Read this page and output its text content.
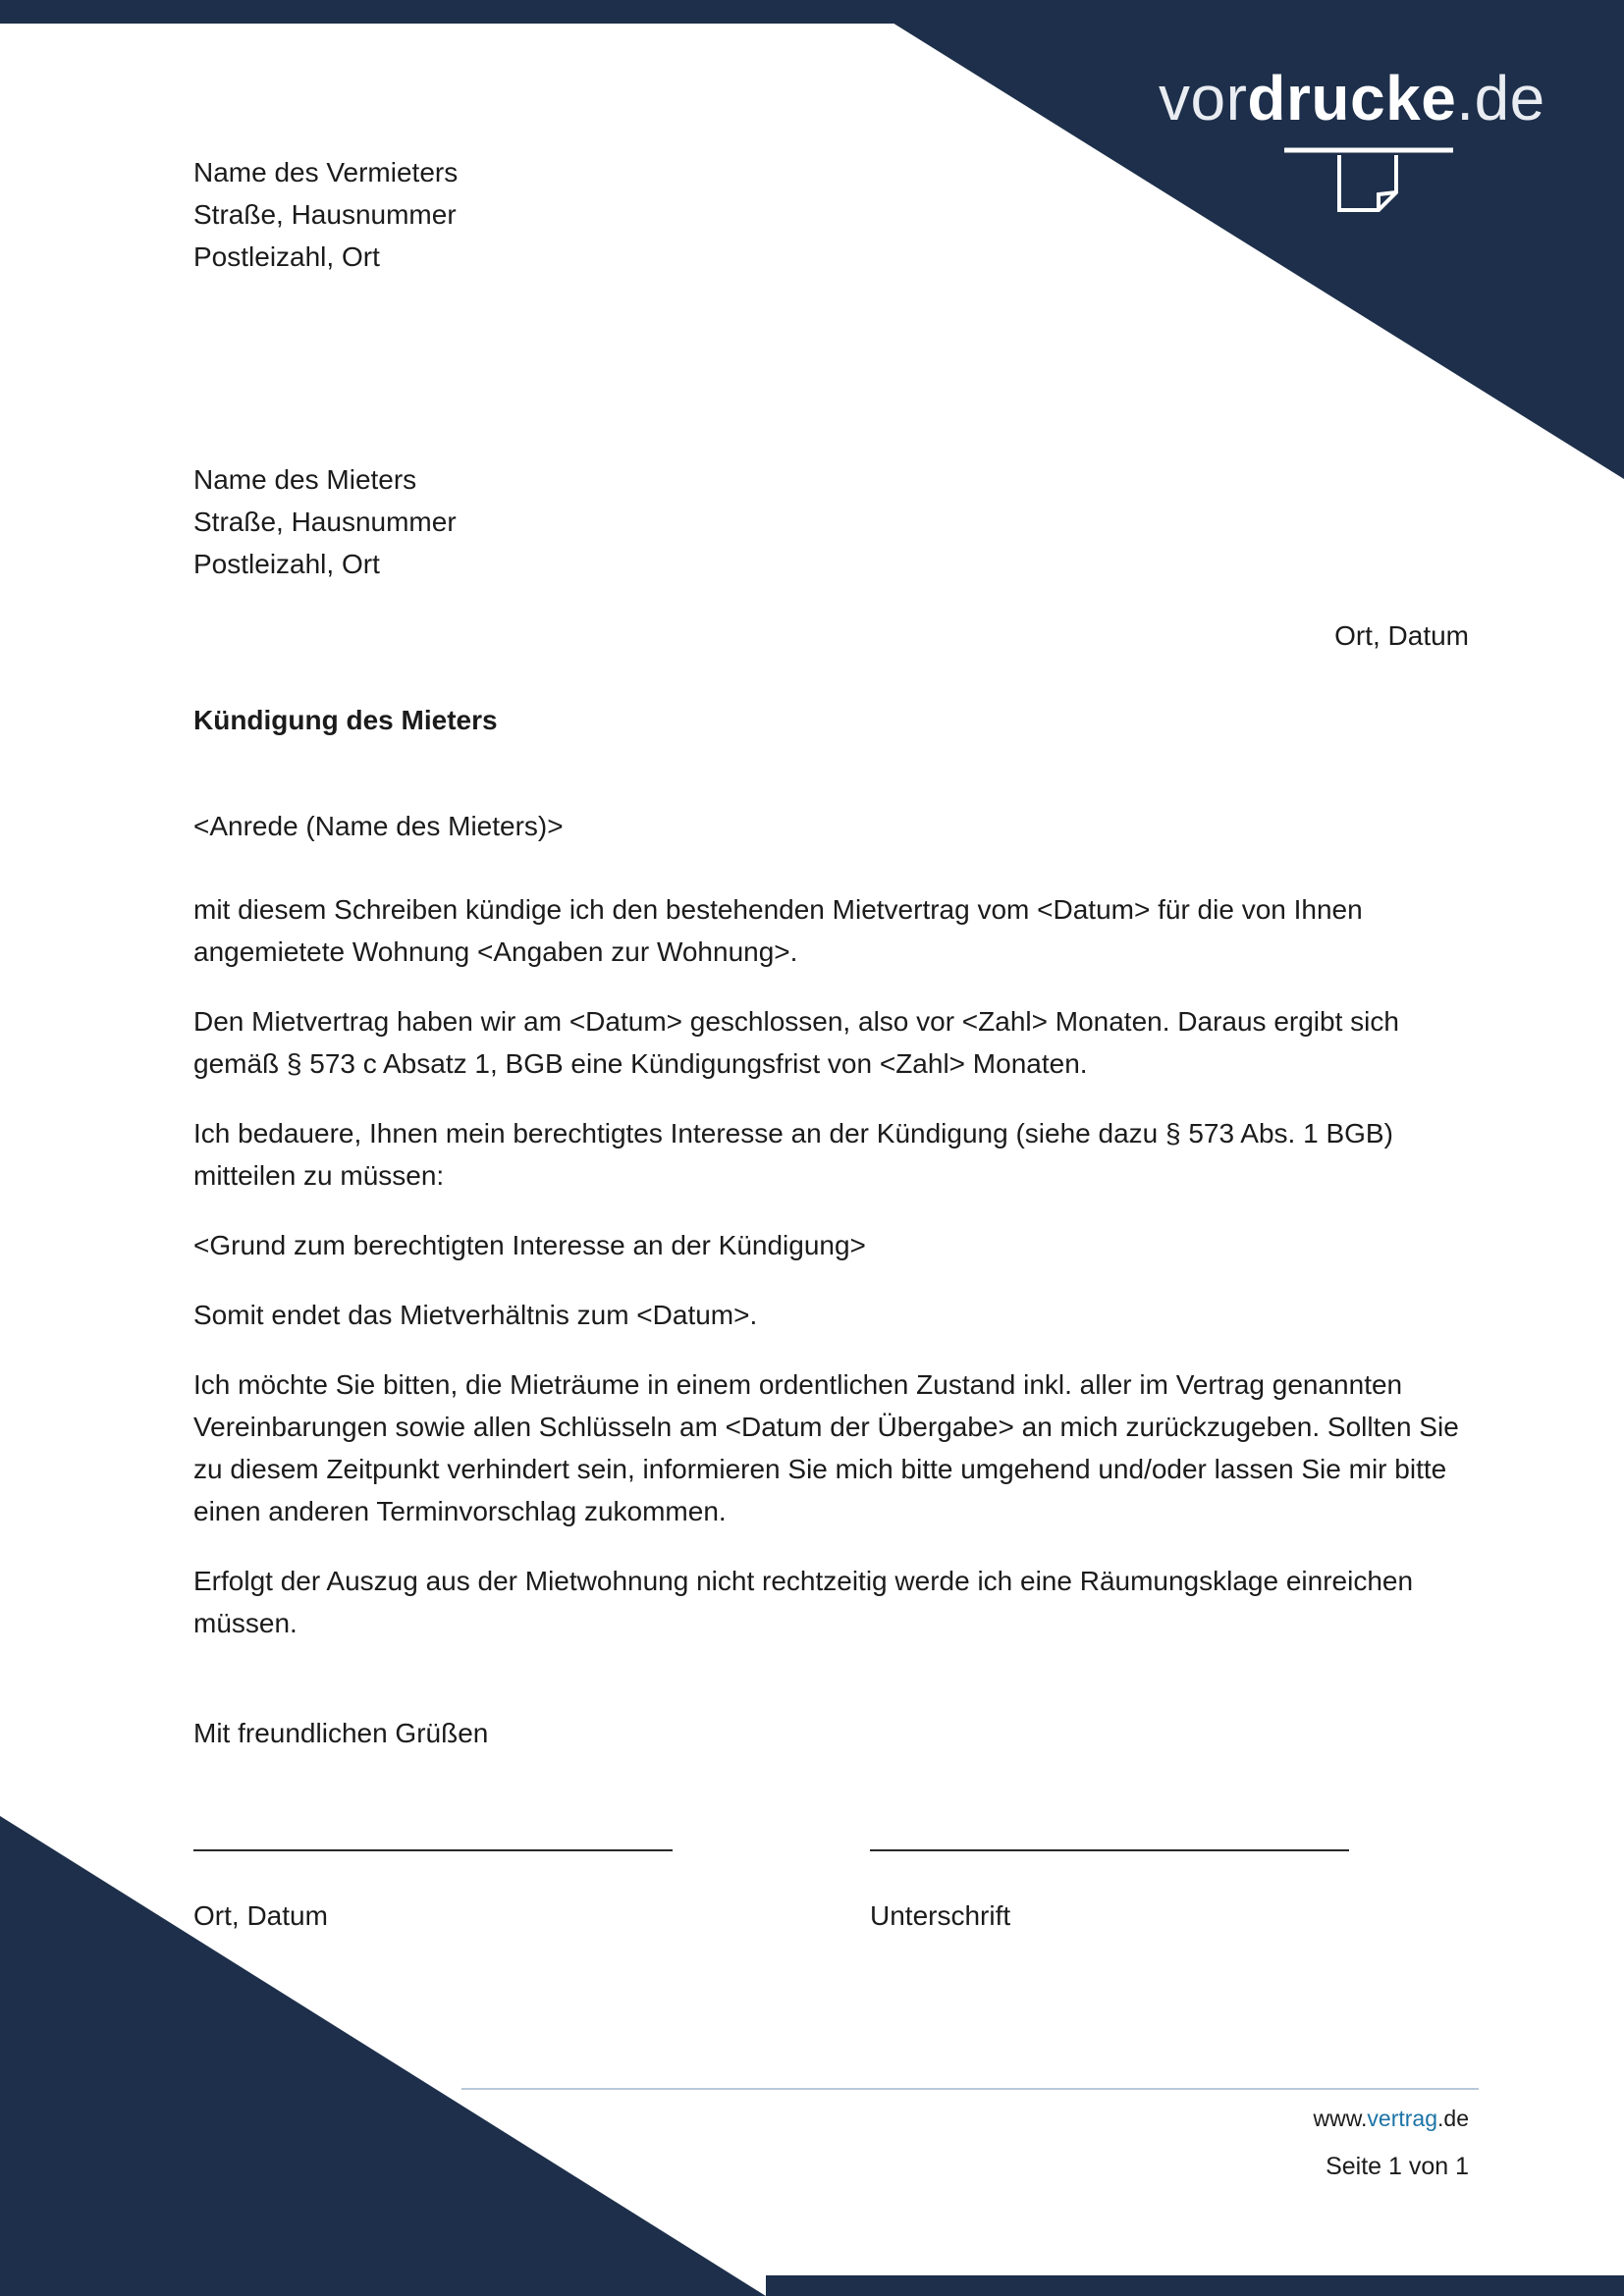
vordrucke.de

Name des Vermieters

Straße, Hausnummer

Postleizahl, Ort

Name des Mieters

Straße, Hausnummer

Postleizahl, Ort

Ort, Datum
Kündigung des Mieters

<Anrede (Name des Mieters)>

mit diesem Schreiben kündige ich den bestehenden Mietvertrag vom <Datum> für die von Ihnen angemietete Wohnung <Angaben zur Wohnung>.

Den Mietvertrag haben wir am <Datum> geschlossen, also vor <Zahl> Monaten. Daraus ergibt sich gemäß § 573 c Absatz 1, BGB eine Kündigungsfrist von <Zahl> Monaten.

Ich bedauere, Ihnen mein berechtigtes Interesse an der Kündigung (siehe dazu § 573 Abs. 1 BGB) mitteilen zu müssen:

<Grund zum berechtigten Interesse an der Kündigung>

Somit endet das Mietverhältnis zum <Datum>.

Ich möchte Sie bitten, die Mieträume in einem ordentlichen Zustand inkl. aller im Vertrag genannten Vereinbarungen sowie allen Schlüsseln am <Datum der Übergabe> an mich zurückzugeben. Sollten Sie zu diesem Zeitpunkt verhindert sein, informieren Sie mich bitte umgehend und/oder lassen Sie mir bitte einen anderen Terminvorschlag zukommen.

Erfolgt der Auszug aus der Mietwohnung nicht rechtzeitig werde ich eine Räumungsklage einreichen müssen.

Mit freundlichen Grüßen
Ort, Datum	Unterschrift
www.vertrag.de
Seite 1 von 1
